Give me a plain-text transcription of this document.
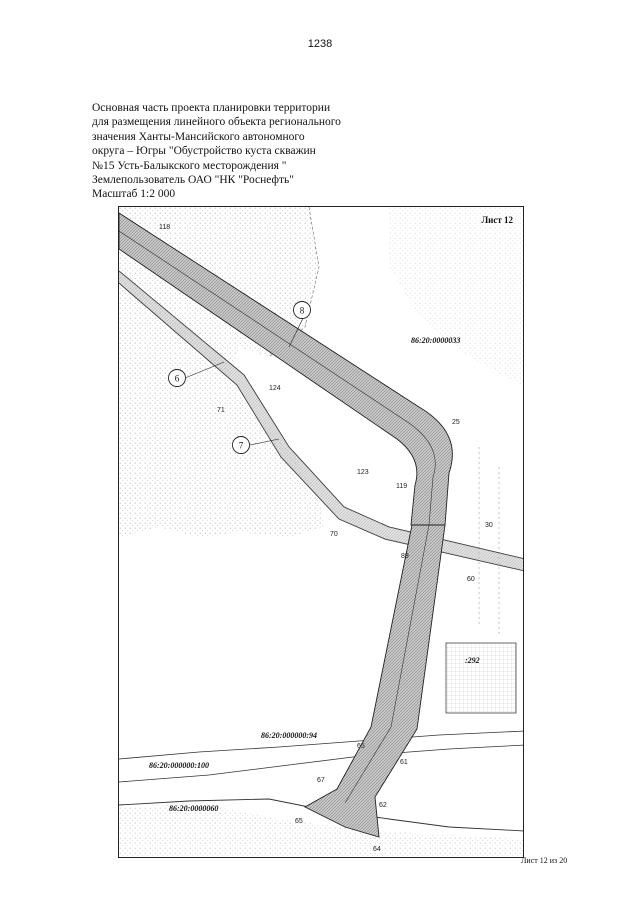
1238
Основная часть проекта планировки территории
для размещения линейного объекта регионального
значения Ханты-Мансийского автономного
округа – Югры "Обустройство куста скважин
№15 Усть-Балыкского месторождения "
Землепользователь ОАО "НК "Роснефть"
Масштаб 1:2 000
118
71
124
25
123
119
70
89
30
60
65
67
61
62
65
64
86:20:0000033
:292
86:20:000000:94
86:20:000000:100
86:20:0000060
8
6
7
Лист 12
Лист 12 из 20
